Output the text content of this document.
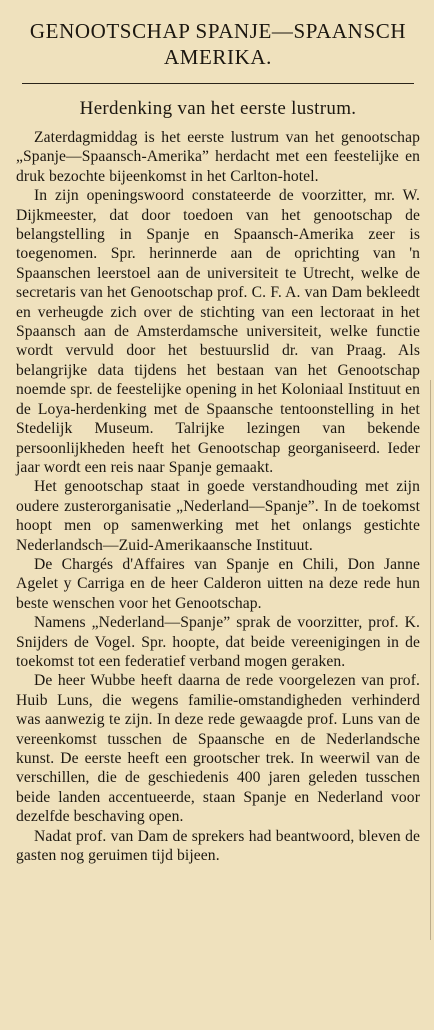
GENOOTSCHAP SPANJE—SPAANSCH AMERIKA.
Herdenking van het eerste lustrum.

Zaterdagmiddag is het eerste lustrum van het genootschap „Spanje—Spaansch-Amerika” herdacht met een feestelijke en druk bezochte bijeenkomst in het Carlton-hotel.

In zijn openingswoord constateerde de voorzitter, mr. W. Dijkmeester, dat door toedoen van het genootschap de belangstelling in Spanje en Spaansch-Amerika zeer is toegenomen. Spr. herinnerde aan de oprichting van 'n Spaanschen leerstoel aan de universiteit te Utrecht, welke de secretaris van het Genootschap prof. C. F. A. van Dam bekleedt en verheugde zich over de stichting van een lectoraat in het Spaansch aan de Amsterdamsche universiteit, welke functie wordt vervuld door het bestuurslid dr. van Praag. Als belangrijke data tijdens het bestaan van het Genootschap noemde spr. de feestelijke opening in het Koloniaal Instituut en de Loya-herdenking met de Spaansche tentoonstelling in het Stedelijk Museum. Talrijke lezingen van bekende persoonlijkheden heeft het Genootschap georganiseerd. Ieder jaar wordt een reis naar Spanje gemaakt.

Het genootschap staat in goede verstandhouding met zijn oudere zusterorganisatie „Nederland—Spanje”. In de toekomst hoopt men op samenwerking met het onlangs gestichte Nederlandsch—Zuid-Amerikaansche Instituut.

De Chargés d'Affaires van Spanje en Chili, Don Janne Agelet y Carriga en de heer Calderon uitten na deze rede hun beste wenschen voor het Genootschap.

Namens „Nederland—Spanje” sprak de voorzitter, prof. K. Snijders de Vogel. Spr. hoopte, dat beide vereenigingen in de toekomst tot een federatief verband mogen geraken.

De heer Wubbe heeft daarna de rede voorgelezen van prof. Huib Luns, die wegens familie-omstandigheden verhinderd was aanwezig te zijn. In deze rede gewaagde prof. Luns van de vereenkomst tusschen de Spaansche en de Nederlandsche kunst. De eerste heeft een grootscher trek. In weerwil van de verschillen, die de geschiedenis 400 jaren geleden tusschen beide landen accentueerde, staan Spanje en Nederland voor dezelfde beschaving open.

Nadat prof. van Dam de sprekers had beantwoord, bleven de gasten nog geruimen tijd bijeen.
